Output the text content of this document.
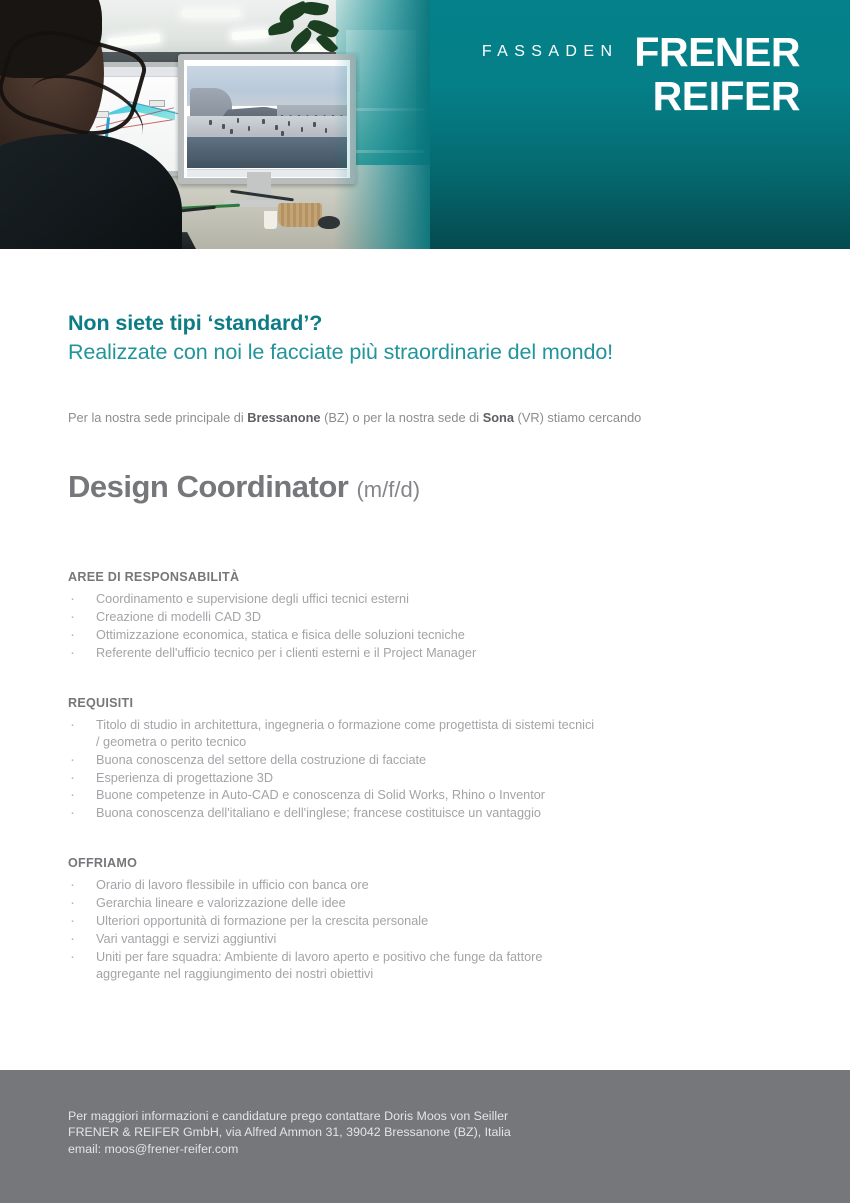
FASSADEN FRENER
REIFER
Non siete tipi ‘standard’?
Realizzate con noi le facciate più straordinarie del mondo!

Per la nostra sede principale di Bressanone (BZ) o per la nostra sede di Sona (VR) stiamo cercando

Design Coordinator (m/f/d)
AREE DI RESPONSABILITÀ
· Coordinamento e supervisione degli uffici tecnici esterni
· Creazione di modelli CAD 3D
· Ottimizzazione economica, statica e fisica delle soluzioni tecniche
· Referente dell'ufficio tecnico per i clienti esterni e il Project Manager
REQUISITI
· Titolo di studio in architettura, ingegneria o formazione come progettista di sistemi tecnici / geometra o perito tecnico
· Buona conoscenza del settore della costruzione di facciate
· Esperienza di progettazione 3D
· Buone competenze in Auto-CAD e conoscenza di Solid Works, Rhino o Inventor
· Buona conoscenza dell'italiano e dell'inglese; francese costituisce un vantaggio
OFFRIAMO
· Orario di lavoro flessibile in ufficio con banca ore
· Gerarchia lineare e valorizzazione delle idee
· Ulteriori opportunità di formazione per la crescita personale
· Vari vantaggi e servizi aggiuntivi
· Uniti per fare squadra: Ambiente di lavoro aperto e positivo che funge da fattore aggregante nel raggiungimento dei nostri obiettivi
Per maggiori informazioni e candidature prego contattare Doris Moos von Seiller
FRENER & REIFER GmbH, via Alfred Ammon 31, 39042 Bressanone (BZ), Italia
email: moos@frener-reifer.com
